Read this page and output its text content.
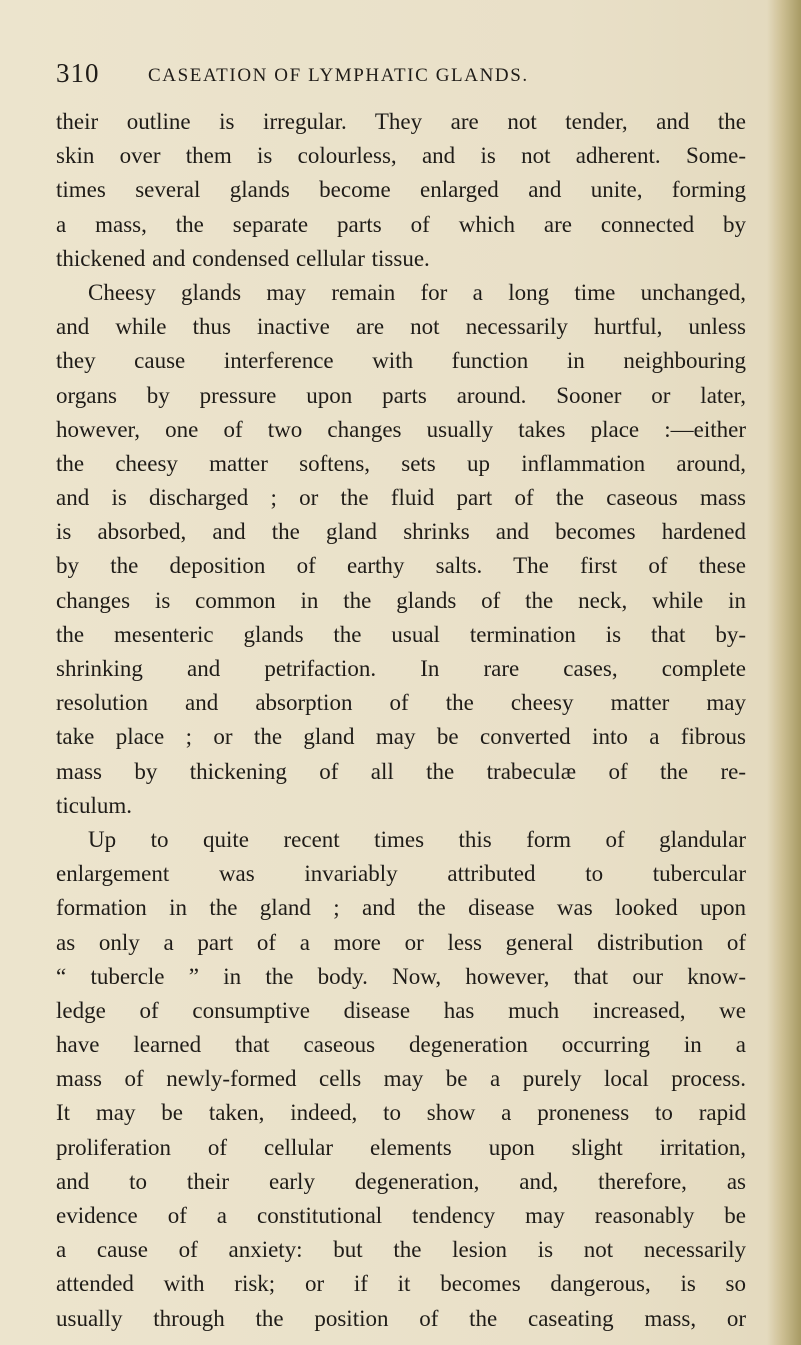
310	CASEATION OF LYMPHATIC GLANDS.
their outline is irregular. They are not tender, and the
skin over them is colourless, and is not adherent. Some-
times several glands become enlarged and unite, forming
a mass, the separate parts of which are connected by
thickened and condensed cellular tissue.
Cheesy glands may remain for a long time unchanged,
and while thus inactive are not necessarily hurtful, unless
they cause interference with function in neighbouring
organs by pressure upon parts around. Sooner or later,
however, one of two changes usually takes place :—either
the cheesy matter softens, sets up inflammation around,
and is discharged ; or the fluid part of the caseous mass
is absorbed, and the gland shrinks and becomes hardened
by the deposition of earthy salts. The first of these
changes is common in the glands of the neck, while in
the mesenteric glands the usual termination is that by-
shrinking and petrifaction. In rare cases, complete
resolution and absorption of the cheesy matter may
take place ; or the gland may be converted into a fibrous
mass by thickening of all the trabeculæ of the re-
ticulum.
Up to quite recent times this form of glandular
enlargement was invariably attributed to tubercular
formation in the gland ; and the disease was looked upon
as only a part of a more or less general distribution of
“ tubercle ” in the body. Now, however, that our know-
ledge of consumptive disease has much increased, we
have learned that caseous degeneration occurring in a
mass of newly-formed cells may be a purely local process.
It may be taken, indeed, to show a proneness to rapid
proliferation of cellular elements upon slight irritation,
and to their early degeneration, and, therefore, as
evidence of a constitutional tendency may reasonably be
a cause of anxiety: but the lesion is not necessarily
attended with risk; or if it becomes dangerous, is so
usually through the position of the caseating mass, or
